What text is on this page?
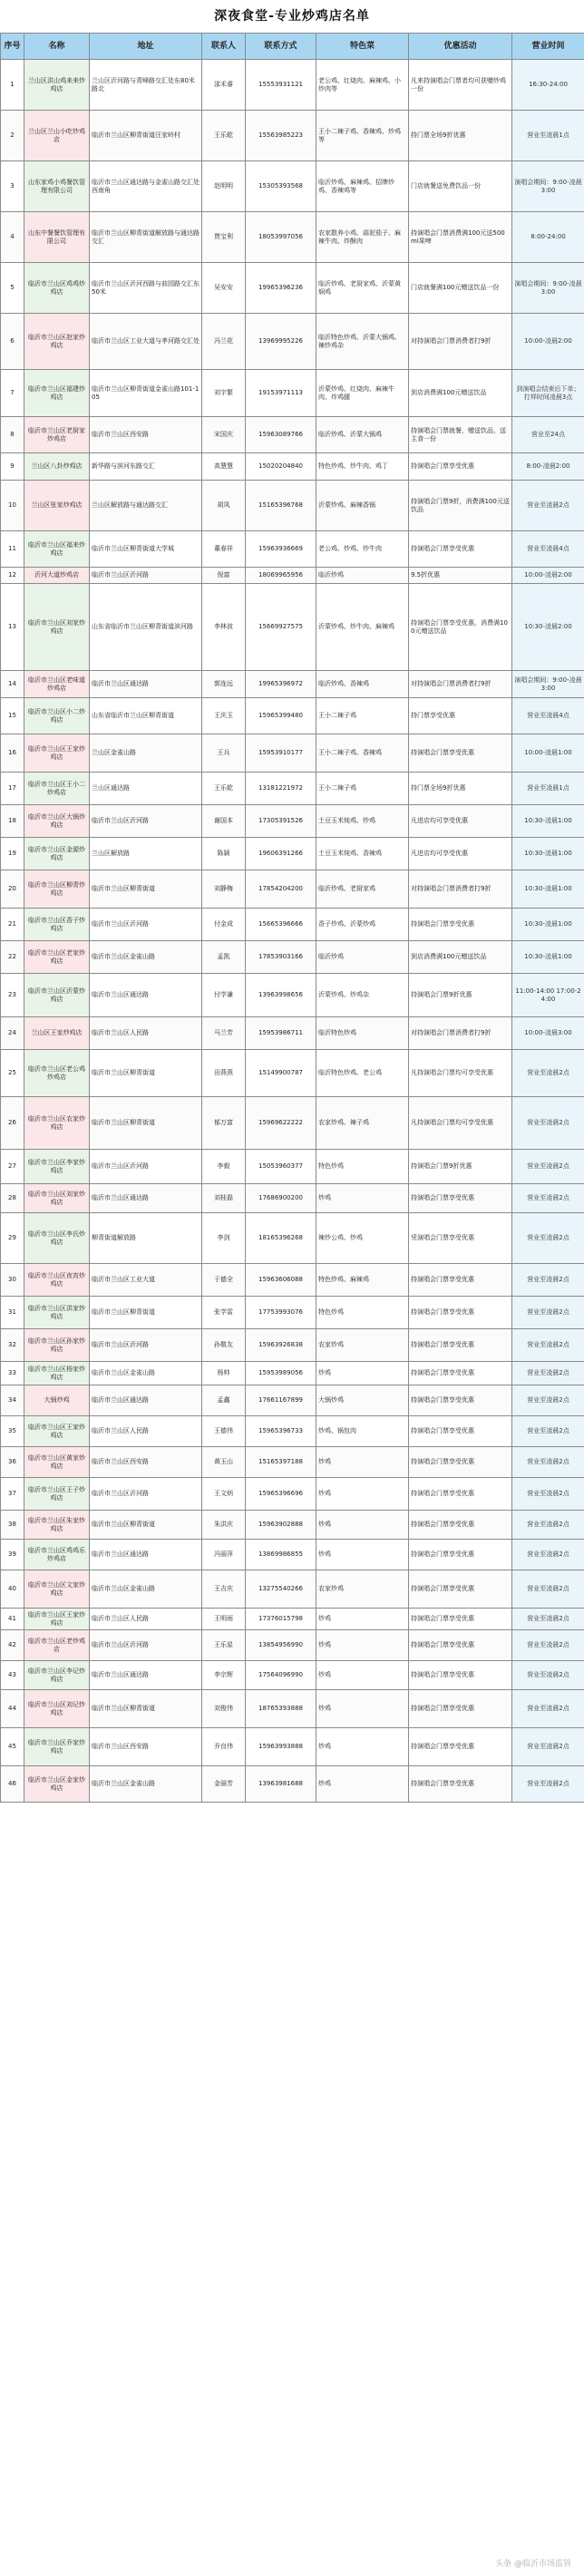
深夜食堂-专业炒鸡店名单
序号	名称	地址	联系人	联系方式	特色菜	优惠活动	营业时间
1	兰山区洪山鸡来来炒鸡店	兰山区沂河路与青峰路交汇处东80米路北	邵禾睿	15553931121	老公鸡、红烧肉、麻辣鸡、小炒肉等	凡来持演唱会门票者均可获赠炒鸡一份	16:30-24:00
2	兰山区兰山小吃炒鸡店	临沂市兰山区柳青街道汪家岭村	王乐乾	15563985223	王小二辣子鸡、香辣鸡、炒鸡等	持门票全场9折优惠	营业至凌晨1点
3	山东家鸡小鸡餐饮管理有限公司	临沂市兰山区通达路与金雀山路交汇处西南角	赵明明	15305393568	临沂炒鸡、麻辣鸡、招牌炒鸡、香辣鸡等	门店就餐送免费饮品一份	演唱会期间：9:00-凌晨3:00
4	山东中餐餐饮管理有限公司	临沂市兰山区柳青街道解放路与通达路交汇	贾宝利	18053997056	农家散养小鸡、蒜泥茄子、麻辣牛肉、炸酥肉	持演唱会门票消费满100元送500ml果啤	8:00-24:00
5	临沂市兰山区鸡鸡炒鸡店	临沂市兰山区沂河西路与前园路交汇东50米	吴安安	19965396236	临沂炒鸡、老厨家鸡、沂蒙黄焖鸡	门店就餐满100元赠送饮品一份	演唱会期间：9:00-凌晨3:00
6	临沂市兰山区赵家炒鸡店	临沂市兰山区工业大道与孝河路交汇处	冯兰花	13969995226	临沂特色炒鸡、沂蒙大锅鸡、辣炒鸡杂	对持演唱会门票消费者打9折	10:00-凌晨2:00
7	临沂市兰山区福建炒鸡店	临沂市兰山区柳青街道金雀山路101-105	刘宇繁	19153971113	沂蒙炒鸡、红烧肉、麻辣牛肉、炸鸡腿	到店消费满100元赠送饮品	到演唱会结束后下单；打烊时间凌晨3点
8	临沂市兰山区老厨家炒鸡店	临沂市兰山区西安路	宋国庆	15963089766	临沂炒鸡、沂蒙大锅鸡	持演唱会门票就餐，赠送饮品，送主食一份	营业至24点
9	兰山区八卦炒鸡店	新华路与滨河东路交汇	高慧慧	15020204840	特色炒鸡、炒牛肉、鸡丁	持演唱会门票享受优惠	8:00-凌晨2:00
10	兰山区张家炒鸡店	兰山区解放路与通达路交汇	胡凤	15165396768	沂蒙炒鸡、麻辣香锅	持演唱会门票9折，消费满100元送饮品	营业至凌晨2点
11	临沂市兰山区福来炒鸡店	临沂市兰山区柳青街道大学城	董春祥	15963936669	老公鸡、炒鸡、炒牛肉	持演唱会门票享受优惠	营业至凌晨4点
12	沂河大道炒鸡店	临沂市兰山区沂河路	倪富	18069965956	临沂炒鸡	9.5折优惠	10:00-凌晨2:00
13	临沂市兰山区刘家炒鸡店	山东省临沂市兰山区柳青街道滨河路	李林波	15669927575	沂蒙炒鸡、炒牛肉、麻辣鸡	持演唱会门票享受优惠，消费满100元赠送饮品	10:30-凌晨2:00
14	临沂市兰山区老味道炒鸡店	临沂市兰山区通达路	郭连远	19965396972	临沂炒鸡、香辣鸡	对持演唱会门票消费者打9折	演唱会期间：9:00-凌晨3:00
15	临沂市兰山区小二炒鸡店	山东省临沂市兰山区柳青街道	王庆玉	15965399480	王小二辣子鸡	持门票享受优惠	营业至凌晨4点
16	临沂市兰山区王家炒鸡店	兰山区金雀山路	王兵	15953910177	王小二辣子鸡、香辣鸡	持演唱会门票享受优惠	10:00-凌晨1:00
17	临沂市兰山区王小二炒鸡店	兰山区通达路	王乐乾	13181221972	王小二辣子鸡	持门票全场9折优惠	营业至凌晨1点
18	临沂市兰山区大锅炒鸡店	临沂市兰山区沂河路	谢国本	17305391526	土豆玉米炖鸡、炒鸡	凡进店均可享受优惠	10:30-凌晨1:00
19	临沂市兰山区金源炒鸡店	兰山区解放路	陈颖	19606391266	土豆玉米炖鸡、香辣鸡	凡进店均可享受优惠	10:30-凌晨1:00
20	临沂市兰山区柳青炒鸡店	临沂市兰山区柳青街道	刘静梅	17854204200	临沂炒鸡、老厨家鸡	对持演唱会门票消费者打9折	10:30-凌晨1:00
21	临沂市兰山区香子炒鸡店	临沂市兰山区沂河路	付金成	15665396666	香子炒鸡、沂蒙炒鸡	持演唱会门票享受优惠	10:30-凌晨1:00
22	临沂市兰山区老家炒鸡店	临沂市兰山区金雀山路	孟凯	17853903166	临沂炒鸡	到店消费满100元赠送饮品	10:30-凌晨1:00
23	临沂市兰山区沂蒙炒鸡店	临沂市兰山区通达路	付学谦	13963998656	沂蒙炒鸡、炒鸡杂	持演唱会门票9折优惠	11:00-14:00 17:00-24:00
24	兰山区王家炒鸡店	临沂市兰山区人民路	马兰芳	15953986711	临沂特色炒鸡	对持演唱会门票消费者打9折	10:00-凌晨3:00
25	临沂市兰山区老公鸡炒鸡店	临沂市兰山区柳青街道	田燕燕	15149900787	临沂特色炒鸡、老公鸡	凡持演唱会门票均可享受优惠	营业至凌晨2点
26	临沂市兰山区农家炒鸡店	临沂市兰山区柳青街道	郁万富	15969622222	农家炒鸡、辣子鸡	凡持演唱会门票均可享受优惠	营业至凌晨2点
27	临沂市兰山区李家炒鸡店	临沂市兰山区沂河路	李毅	15053960377	特色炒鸡	持演唱会门票9折优惠	营业至凌晨2点
28	临沂市兰山区刘家炒鸡店	临沂市兰山区通达路	刘桂磊	17686900200	炒鸡	持演唱会门票享受优惠	营业至凌晨2点
29	临沂市兰山区李氏炒鸡店	柳青街道解放路	李剑	18165396268	辣炒公鸡、炒鸡	凭演唱会门票享受优惠	营业至凌晨2点
30	临沂市兰山区夜宵炒鸡店	临沂市兰山区工业大道	于德全	15963606088	特色炒鸡、麻辣鸡	持演唱会门票享受优惠	营业至凌晨2点
31	临沂市兰山区洪家炒鸡店	临沂市兰山区柳青街道	张学雷	17753993076	特色炒鸡	持演唱会门票享受优惠	营业至凌晨2点
32	临沂市兰山区孙家炒鸡店	临沂市兰山区沂河路	孙敬友	15963926838	农家炒鸡	持演唱会门票享受优惠	营业至凌晨2点
33	临沂市兰山区杨家炒鸡店	临沂市兰山区金雀山路	杨帅	15953989056	炒鸡	持演唱会门票享受优惠	营业至凌晨2点
34	大锅炒鸡	临沂市兰山区通达路	孟鑫	17661167899	大锅炒鸡	持演唱会门票享受优惠	营业至凌晨2点
35	临沂市兰山区王家炒鸡店	临沂市兰山区人民路	王德伟	15965396733	炒鸡、锅包肉	持演唱会门票享受优惠	营业至凌晨2点
36	临沂市兰山区黄家炒鸡店	临沂市兰山区西安路	黄玉山	15165397188	炒鸡	持演唱会门票享受优惠	营业至凌晨2点
37	临沂市兰山区王子炒鸡店	临沂市兰山区沂河路	王文炳	15965396696	炒鸡	持演唱会门票享受优惠	营业至凌晨2点
38	临沂市兰山区朱家炒鸡店	临沂市兰山区柳青街道	朱洪庆	15963902888	炒鸡	持演唱会门票享受优惠	营业至凌晨2点
39	临沂市兰山区鸡鸡乐炒鸡店	临沂市兰山区通达路	冯丽萍	13869986855	炒鸡	持演唱会门票享受优惠	营业至凌晨2点
40	临沂市兰山区文家炒鸡店	临沂市兰山区金雀山路	王吉庆	13275540266	农家炒鸡	持演唱会门票享受优惠	营业至凌晨2点
41	临沂市兰山区王家炒鸡店	临沂市兰山区人民路	王明雨	17376015798	炒鸡	持演唱会门票享受优惠	营业至凌晨2点
42	临沂市兰山区老炒鸡店	临沂市兰山区沂河路	王乐星	13854956990	炒鸡	持演唱会门票享受优惠	营业至凌晨2点
43	临沂市兰山区李记炒鸡店	临沂市兰山区通达路	李宗辉	17564096990	炒鸡	持演唱会门票享受优惠	营业至凌晨2点
44	临沂市兰山区刘记炒鸡店	临沂市兰山区柳青街道	刘俊伟	18765393888	炒鸡	持演唱会门票享受优惠	营业至凌晨2点
45	临沂市兰山区乔家炒鸡店	临沂市兰山区西安路	乔良伟	15963993888	炒鸡	持演唱会门票享受优惠	营业至凌晨2点
46	临沂市兰山区金家炒鸡店	临沂市兰山区金雀山路	金丽芳	13963981688	炒鸡	持演唱会门票享受优惠	营业至凌晨2点
头条 @临沂市场监管
